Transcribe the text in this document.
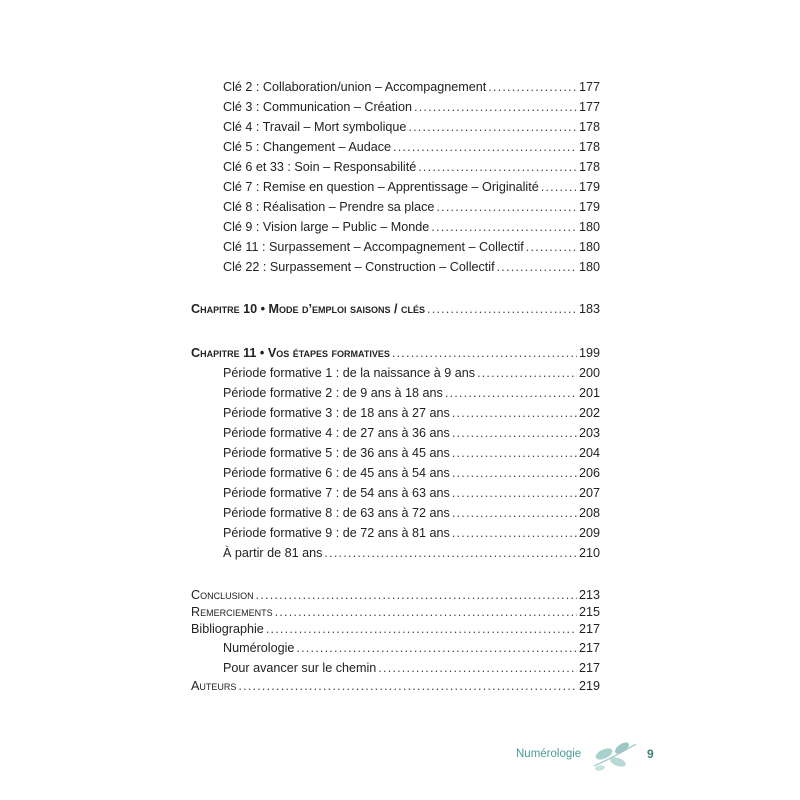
Clé 2 : Collaboration/union – Accompagnement .....	177
Clé 3 : Communication – Création .....	177
Clé 4 : Travail – Mort symbolique .....	178
Clé 5 : Changement – Audace .....	178
Clé 6 et 33 : Soin – Responsabilité .....	178
Clé 7 : Remise en question – Apprentissage – Originalité .....	179
Clé 8 : Réalisation – Prendre sa place .....	179
Clé 9 : Vision large – Public – Monde .....	180
Clé 11 : Surpassement – Accompagnement – Collectif .....	180
Clé 22 : Surpassement – Construction – Collectif .....	180
Chapitre 10 • Mode d’emploi saisons / clés .....	183
Chapitre 11 • Vos étapes formatives .....	199
Période formative 1 : de la naissance à 9 ans .....	200
Période formative 2 : de 9 ans à 18 ans .....	201
Période formative 3 : de 18 ans à 27 ans .....	202
Période formative 4 : de 27 ans à 36 ans .....	203
Période formative 5 : de 36 ans à 45 ans .....	204
Période formative 6 : de 45 ans à 54 ans .....	206
Période formative 7 : de 54 ans à 63 ans .....	207
Période formative 8 : de 63 ans à 72 ans .....	208
Période formative 9 : de 72 ans à 81 ans .....	209
À partir de 81 ans .....	210
Conclusion .....	213
Remerciements .....	215
Bibliographie .....	217
Numérologie .....	217
Pour avancer sur le chemin .....	217
Auteurs .....	219
Numérologie	9
